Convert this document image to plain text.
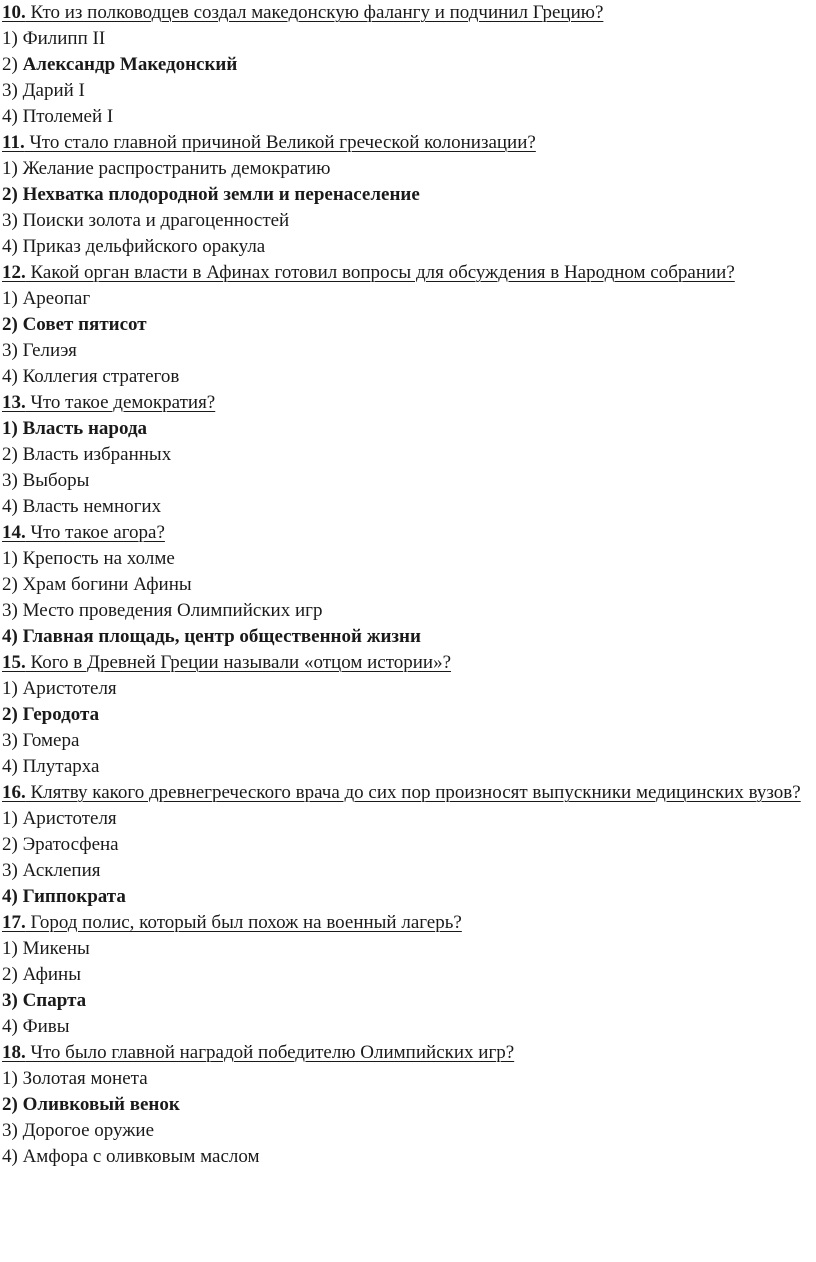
10. Кто из полководцев создал македонскую фалангу и подчинил Грецию?
1) Филипп II
2) Александр Македонский
3) Дарий I
4) Птолемей I
11. Что стало главной причиной Великой греческой колонизации?
1) Желание распространить демократию
2) Нехватка плодородной земли и перенаселение
3) Поиски золота и драгоценностей
4) Приказ дельфийского оракула
12. Какой орган власти в Афинах готовил вопросы для обсуждения в Народном собрании?
1) Ареопаг
2) Совет пятисот
3) Гелиэя
4) Коллегия стратегов
13. Что такое демократия?
1) Власть народа
2) Власть избранных
3) Выборы
4) Власть немногих
14. Что такое агора?
1) Крепость на холме
2) Храм богини Афины
3) Место проведения Олимпийских игр
4) Главная площадь, центр общественной жизни
15. Кого в Древней Греции называли «отцом истории»?
1) Аристотеля
2) Геродота
3) Гомера
4) Плутарха
16. Клятву какого древнегреческого врача до сих пор произносят выпускники медицинских вузов?
1) Аристотеля
2) Эратосфена
3) Асклепия
4) Гиппократа
17. Город полис, который был похож на военный лагерь?
1) Микены
2) Афины
3) Спарта
4) Фивы
18. Что было главной наградой победителю Олимпийских игр?
1) Золотая монета
2) Оливковый венок
3) Дорогое оружие
4) Амфора с оливковым маслом
